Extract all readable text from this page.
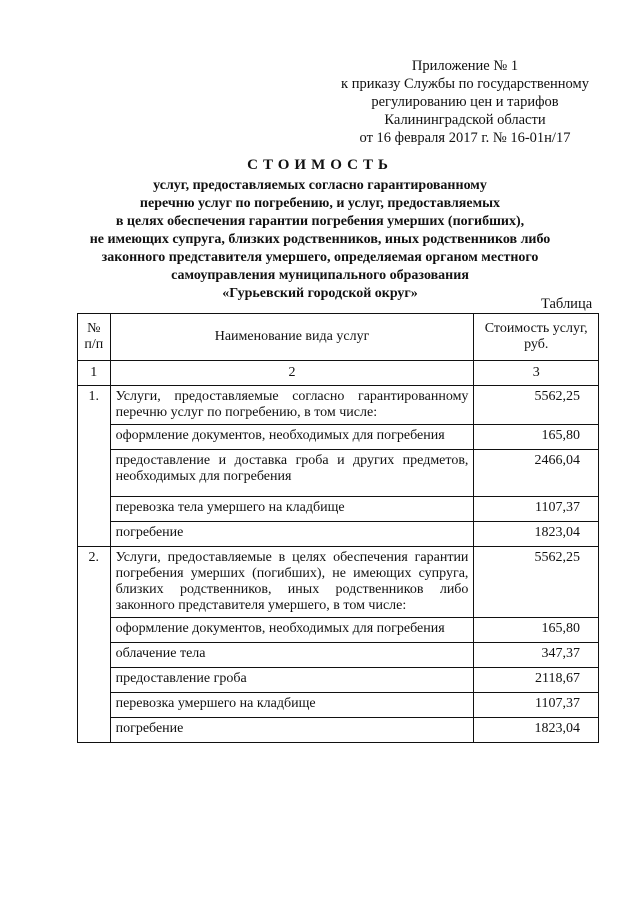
Приложение № 1
к приказу Службы по государственному
регулированию цен и тарифов
Калининградской области
от 16 февраля 2017 г. № 16-01н/17
СТОИМОСТЬ
услуг, предоставляемых согласно гарантированному
перечню услуг по погребению, и услуг, предоставляемых
в целях обеспечения гарантии погребения умерших (погибших),
не имеющих супруга, близких родственников, иных родственников либо
законного представителя умершего, определяемая органом местного
самоуправления муниципального образования
«Гурьевский городской округ»
Таблица
№ п/п	Наименование вида услуг	Стоимость услуг, руб.
1	2	3
1.	Услуги, предоставляемые согласно гарантированному перечню услуг по погребению, в том числе:	5562,25
	оформление документов, необходимых для погребения	165,80
	предоставление и доставка гроба и других предметов, необходимых для погребения	2466,04
	перевозка тела умершего на кладбище	1107,37
	погребение	1823,04
2.	Услуги, предоставляемые в целях обеспечения гарантии погребения умерших (погибших), не имеющих супруга, близких родственников, иных родственников либо законного представителя умершего, в том числе:	5562,25
	оформление документов, необходимых для погребения	165,80
	облачение тела	347,37
	предоставление гроба	2118,67
	перевозка умершего на кладбище	1107,37
	погребение	1823,04
